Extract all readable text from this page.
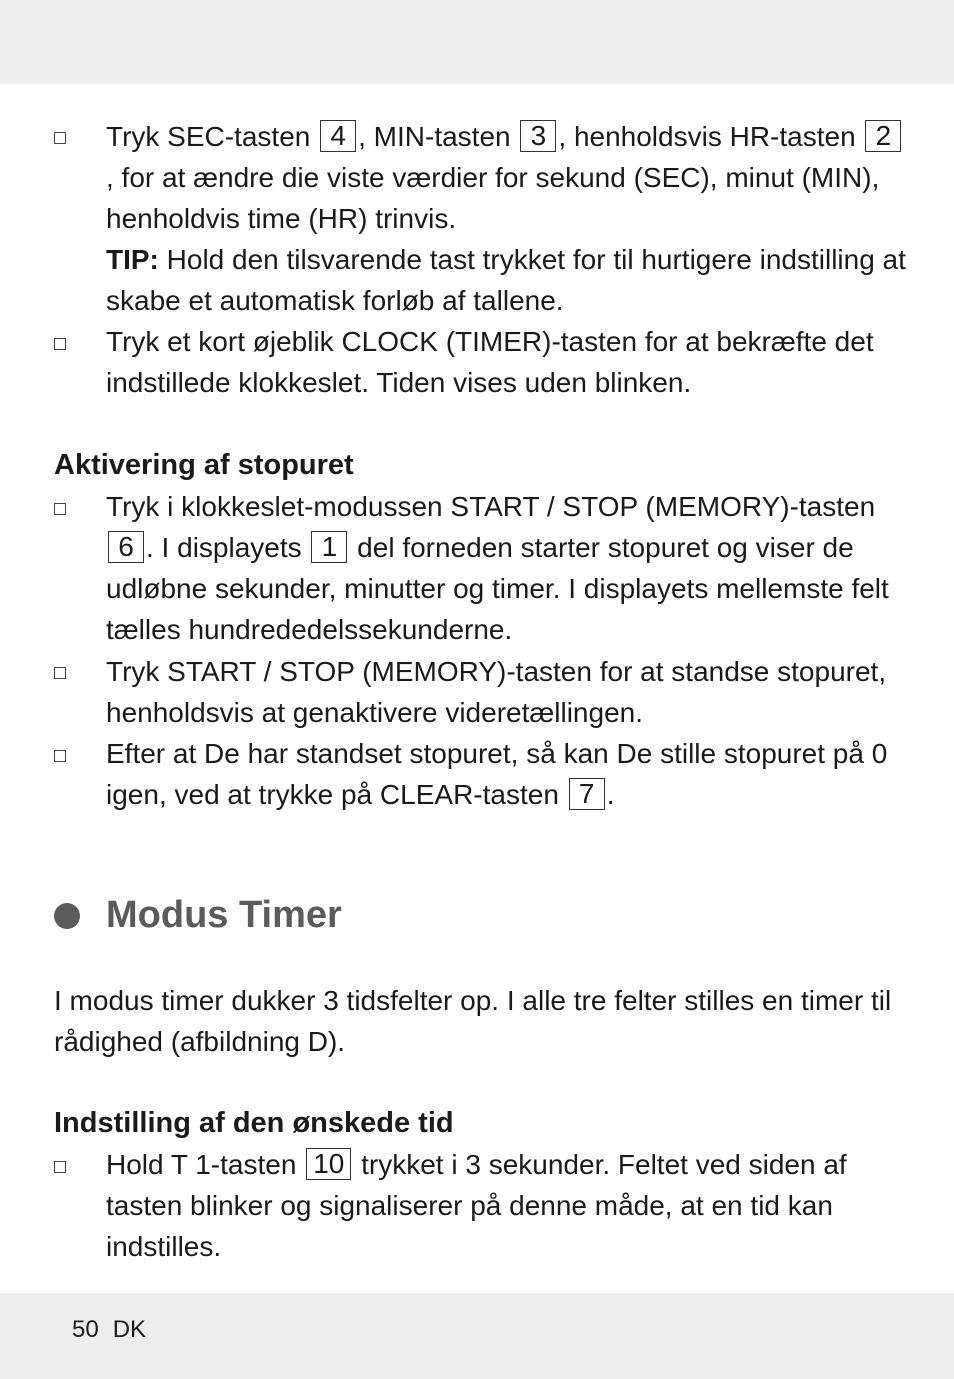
Tryk SEC-tasten 4 , MIN-tasten 3 , henholdsvis HR-tasten 2, for at ændre die viste værdier for sekund (SEC), minut (MIN), henholdvis time (HR) trinvis.
TIP: Hold den tilsvarende tast trykket for til hurtigere indstilling at skabe et automatisk forløb af tallene.
Tryk et kort øjeblik CLOCK (TIMER)-tasten for at bekræfte det indstillede klokkeslet. Tiden vises uden blinken.
Aktivering af stopuret
Tryk i klokkeslet-modussen START / STOP (MEMORY)-tasten 6 . I displayets 1 del forneden starter stopuret og viser de udløbne sekunder, minutter og timer. I displayets mellemste felt tælles hundrededelssekunderne.
Tryk START / STOP (MEMORY)-tasten for at standse stopuret, henholdsvis at genaktivere videretællingen.
Efter at De har standset stopuret, så kan De stille stopuret på 0 igen, ved at trykke på CLEAR-tasten 7 .
Modus Timer
I modus timer dukker 3 tidsfelter op. I alle tre felter stilles en timer til rådighed (afbildning D).
Indstilling af den ønskede tid
Hold T 1-tasten 10 trykket i 3 sekunder. Feltet ved siden af tasten blinker og signaliserer på denne måde, at en tid kan indstilles.
50 DK
